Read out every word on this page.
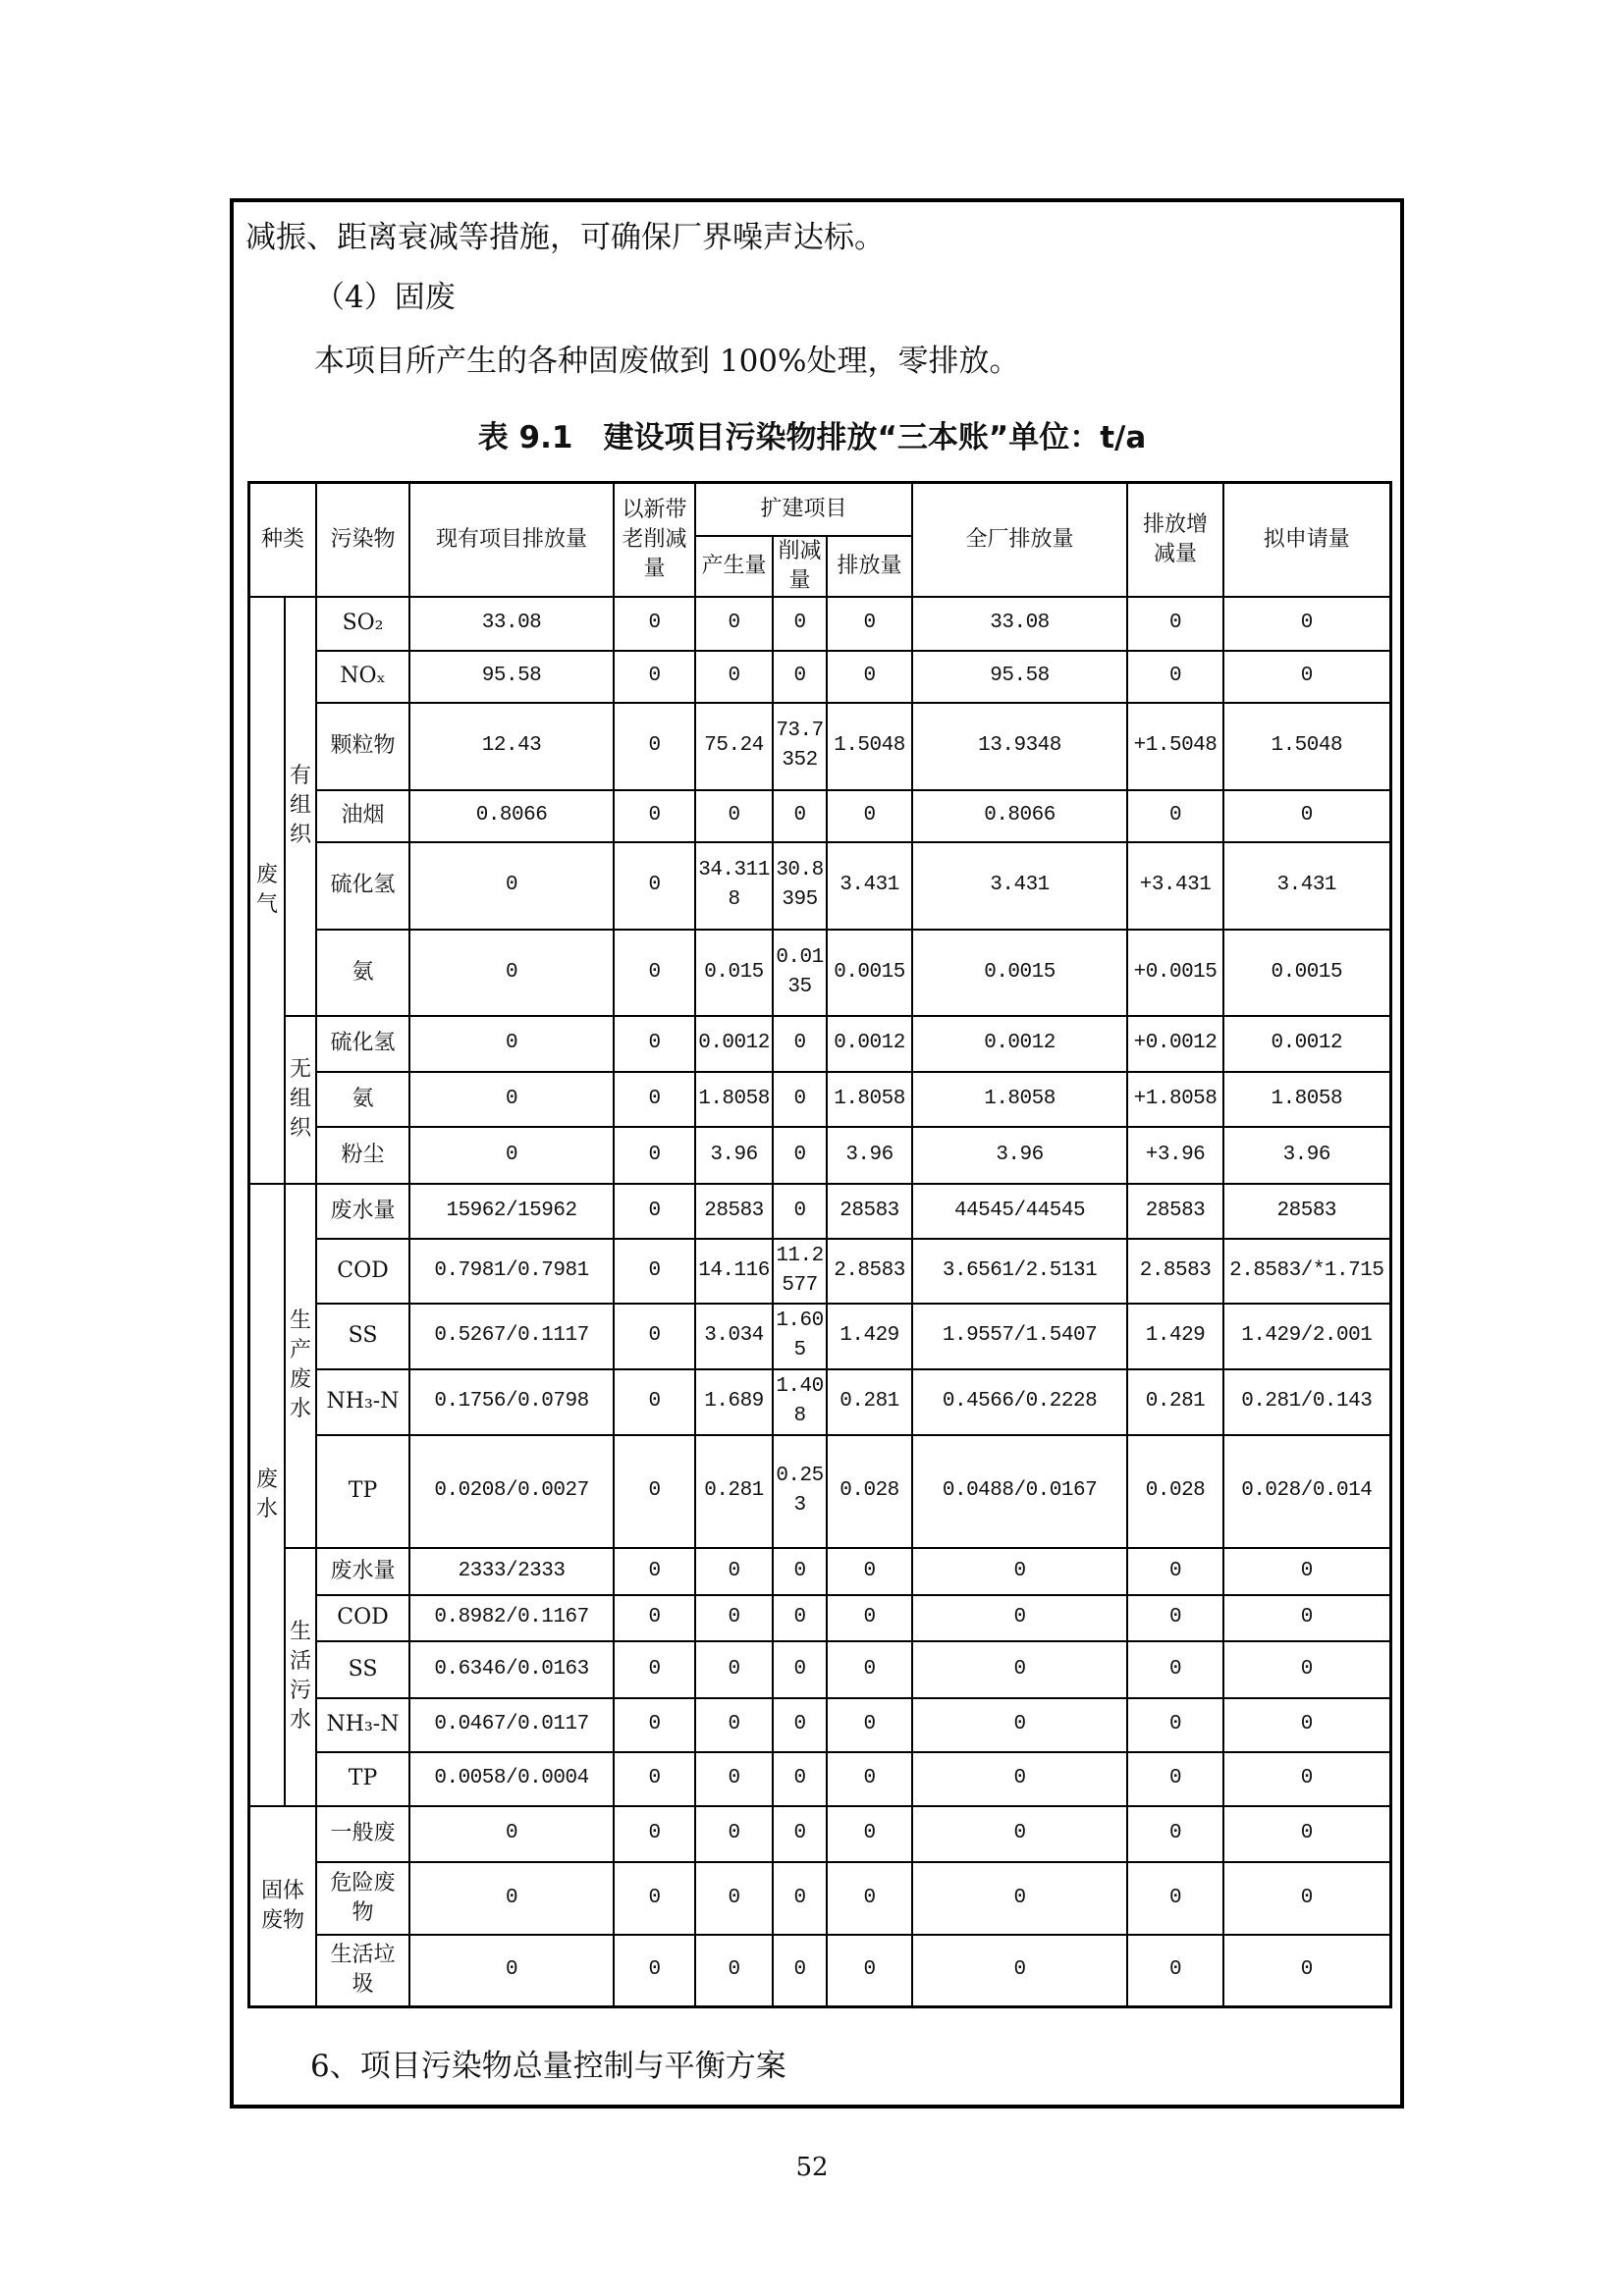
减振、距离衰减等措施，可确保厂界噪声达标。
（4）固废
本项目所产生的各种固废做到 100%处理，零排放。
表 9.1　建设项目污染物排放“三本账”单位：t/a
种类		污染物	现有项目排放量	以新带老削减量	扩建项目			全厂排放量	排放增减量	拟申请量
					产生量	削减量	排放量			
废气	有组织	SO₂	33.08	0	0	0	0	33.08	0	0
		NOₓ	95.58	0	0	0	0	95.58	0	0
		颗粒物	12.43	0	75.24	73.7352	1.5048	13.9348	+1.5048	1.5048
		油烟	0.8066	0	0	0	0	0.8066	0	0
		硫化氢	0	0	34.3118	30.8395	3.431	3.431	+3.431	3.431
		氨	0	0	0.015	0.0135	0.0015	0.0015	+0.0015	0.0015
	无组织	硫化氢	0	0	0.0012	0	0.0012	0.0012	+0.0012	0.0012
		氨	0	0	1.8058	0	1.8058	1.8058	+1.8058	1.8058
		粉尘	0	0	3.96	0	3.96	3.96	+3.96	3.96
废水	生产废水	废水量	15962/15962	0	28583	0	28583	44545/44545	28583	28583
		COD	0.7981/0.7981	0	14.116	11.2577	2.8583	3.6561/2.5131	2.8583	2.8583/*1.715
		SS	0.5267/0.1117	0	3.034	1.605	1.429	1.9557/1.5407	1.429	1.429/2.001
		NH₃-N	0.1756/0.0798	0	1.689	1.408	0.281	0.4566/0.2228	0.281	0.281/0.143
		TP	0.0208/0.0027	0	0.281	0.253	0.028	0.0488/0.0167	0.028	0.028/0.014
	生活污水	废水量	2333/2333	0	0	0	0	0	0	0
		COD	0.8982/0.1167	0	0	0	0	0	0	0
		SS	0.6346/0.0163	0	0	0	0	0	0	0
		NH₃-N	0.0467/0.0117	0	0	0	0	0	0	0
		TP	0.0058/0.0004	0	0	0	0	0	0	0
固体废物		一般废	0	0	0	0	0	0	0	0
		危险废物	0	0	0	0	0	0	0	0
		生活垃圾	0	0	0	0	0	0	0	0
6、项目污染物总量控制与平衡方案
52
